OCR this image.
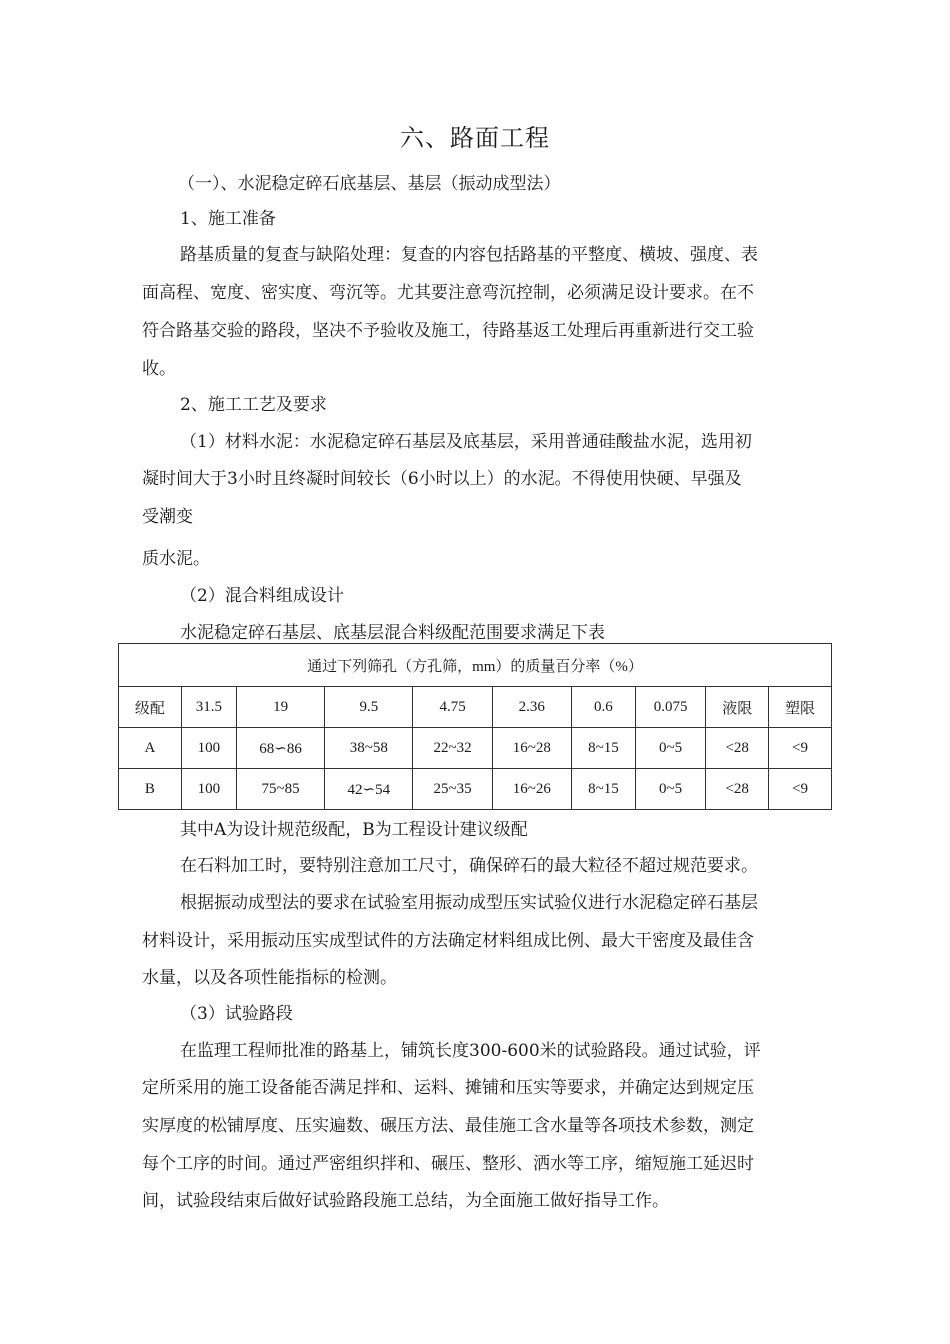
六、路面工程
（一）、水泥稳定碎石底基层、基层（振动成型法）
1、施工准备
路基质量的复查与缺陷处理：复查的内容包括路基的平整度、横坡、强度、表
面高程、宽度、密实度、弯沉等。尤其要注意弯沉控制，必须满足设计要求。在不
符合路基交验的路段，坚决不予验收及施工，待路基返工处理后再重新进行交工验
收。
2、施工工艺及要求
（1）材料水泥：水泥稳定碎石基层及底基层，采用普通硅酸盐水泥，选用初
凝时间大于3小时且终凝时间较长（6小时以上）的水泥。不得使用快硬、早强及
受潮变
质水泥。
（2）混合料组成设计
水泥稳定碎石基层、底基层混合料级配范围要求满足下表
通过下列筛孔（方孔筛，mm）的质量百分率（%）									
级配	31.5	19	9.5	4.75	2.36	0.6	0.075	液限	塑限
A	100	68∽86	38~58	22~32	16~28	8~15	0~5	<28	<9
B	100	75~85	42∽54	25~35	16~26	8~15	0~5	<28	<9
其中A为设计规范级配，B为工程设计建议级配
在石料加工时，要特别注意加工尺寸，确保碎石的最大粒径不超过规范要求。
根据振动成型法的要求在试验室用振动成型压实试验仪进行水泥稳定碎石基层
材料设计，采用振动压实成型试件的方法确定材料组成比例、最大干密度及最佳含
水量，以及各项性能指标的检测。
（3）试验路段
在监理工程师批准的路基上，铺筑长度300-600米的试验路段。通过试验，评
定所采用的施工设备能否满足拌和、运料、摊铺和压实等要求，并确定达到规定压
实厚度的松铺厚度、压实遍数、碾压方法、最佳施工含水量等各项技术参数，测定
每个工序的时间。通过严密组织拌和、碾压、整形、洒水等工序，缩短施工延迟时
间，试验段结束后做好试验路段施工总结，为全面施工做好指导工作。
